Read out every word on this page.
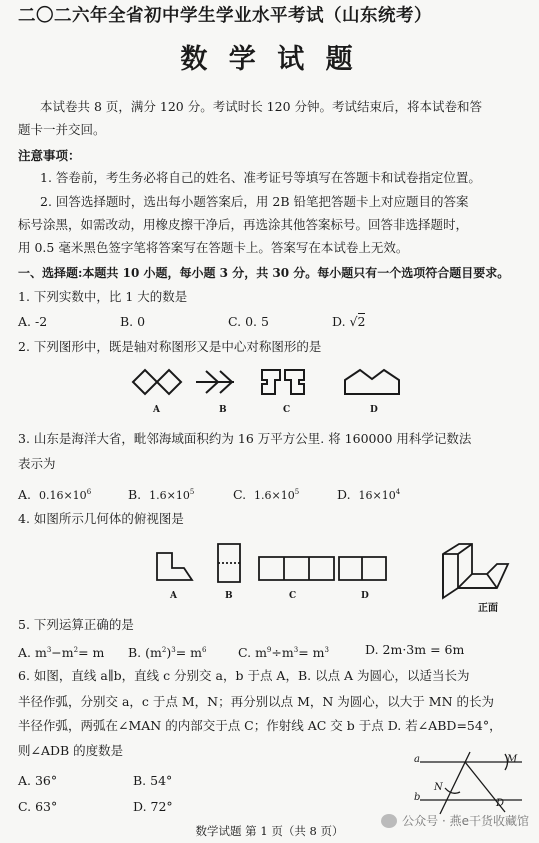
二〇二六年全省初中学生学业水平考试（山东统考）
数 学 试 题
本试卷共 8 页，满分 120 分。考试时长 120 分钟。考试结束后，将本试卷和答
题卡一并交回。
注意事项：
1. 答卷前，考生务必将自己的姓名、准考证号等填写在答题卡和试卷指定位置。
2. 回答选择题时，选出每小题答案后，用 2B 铅笔把答题卡上对应题目的答案
标号涂黑，如需改动，用橡皮擦干净后，再选涂其他答案标号。回答非选择题时，
用 0.5 毫米黑色签字笔将答案写在答题卡上。答案写在本试卷上无效。
一、选择题:本题共 10 小题，每小题 3 分，共 30 分。每小题只有一个选项符合题目要求。
1. 下列实数中，比 1 大的数是
A. -2	B. 0	C. 0. 5	D. √2
2. 下列图形中，既是轴对称图形又是中心对称图形的是
A	B	C	D
3. 山东是海洋大省，毗邻海域面积约为 16 万平方公里. 将 160000 用科学记数法
表示为
A. $0.16\times 10^6$	B. $1.6\times 10^5$	C. $1.6\times 10^5$	D. $16\times 10^4$
4. 如图所示几何体的俯视图是
A	B	C	D
正面
5. 下列运算正确的是
A. $m^3-m^2= m$ B. $(m^2)^3= m^6$	C. $m^9\div m^3= m^3$	D. 2m·3m = 6m
6. 如图，直线 a∥b，直线 c 分别交 a，b 于点 A，B. 以点 A 为圆心，以适当长为
半径作弧，分别交 a，c 于点 M，N；再分别以点 M，N 为圆心，以大于 MN 的长为
半径作弧，两弧在∠MAN 的内部交于点 C；作射线 AC 交 b 于点 D. 若∠ABD=54°，
则∠ADB 的度数是
A. 36°	B. 54°
C. 63°	D. 72°
a
b
M
N
D
数学试题 第 1 页（共 8 页）
公众号 · 燕e干货收藏馆
